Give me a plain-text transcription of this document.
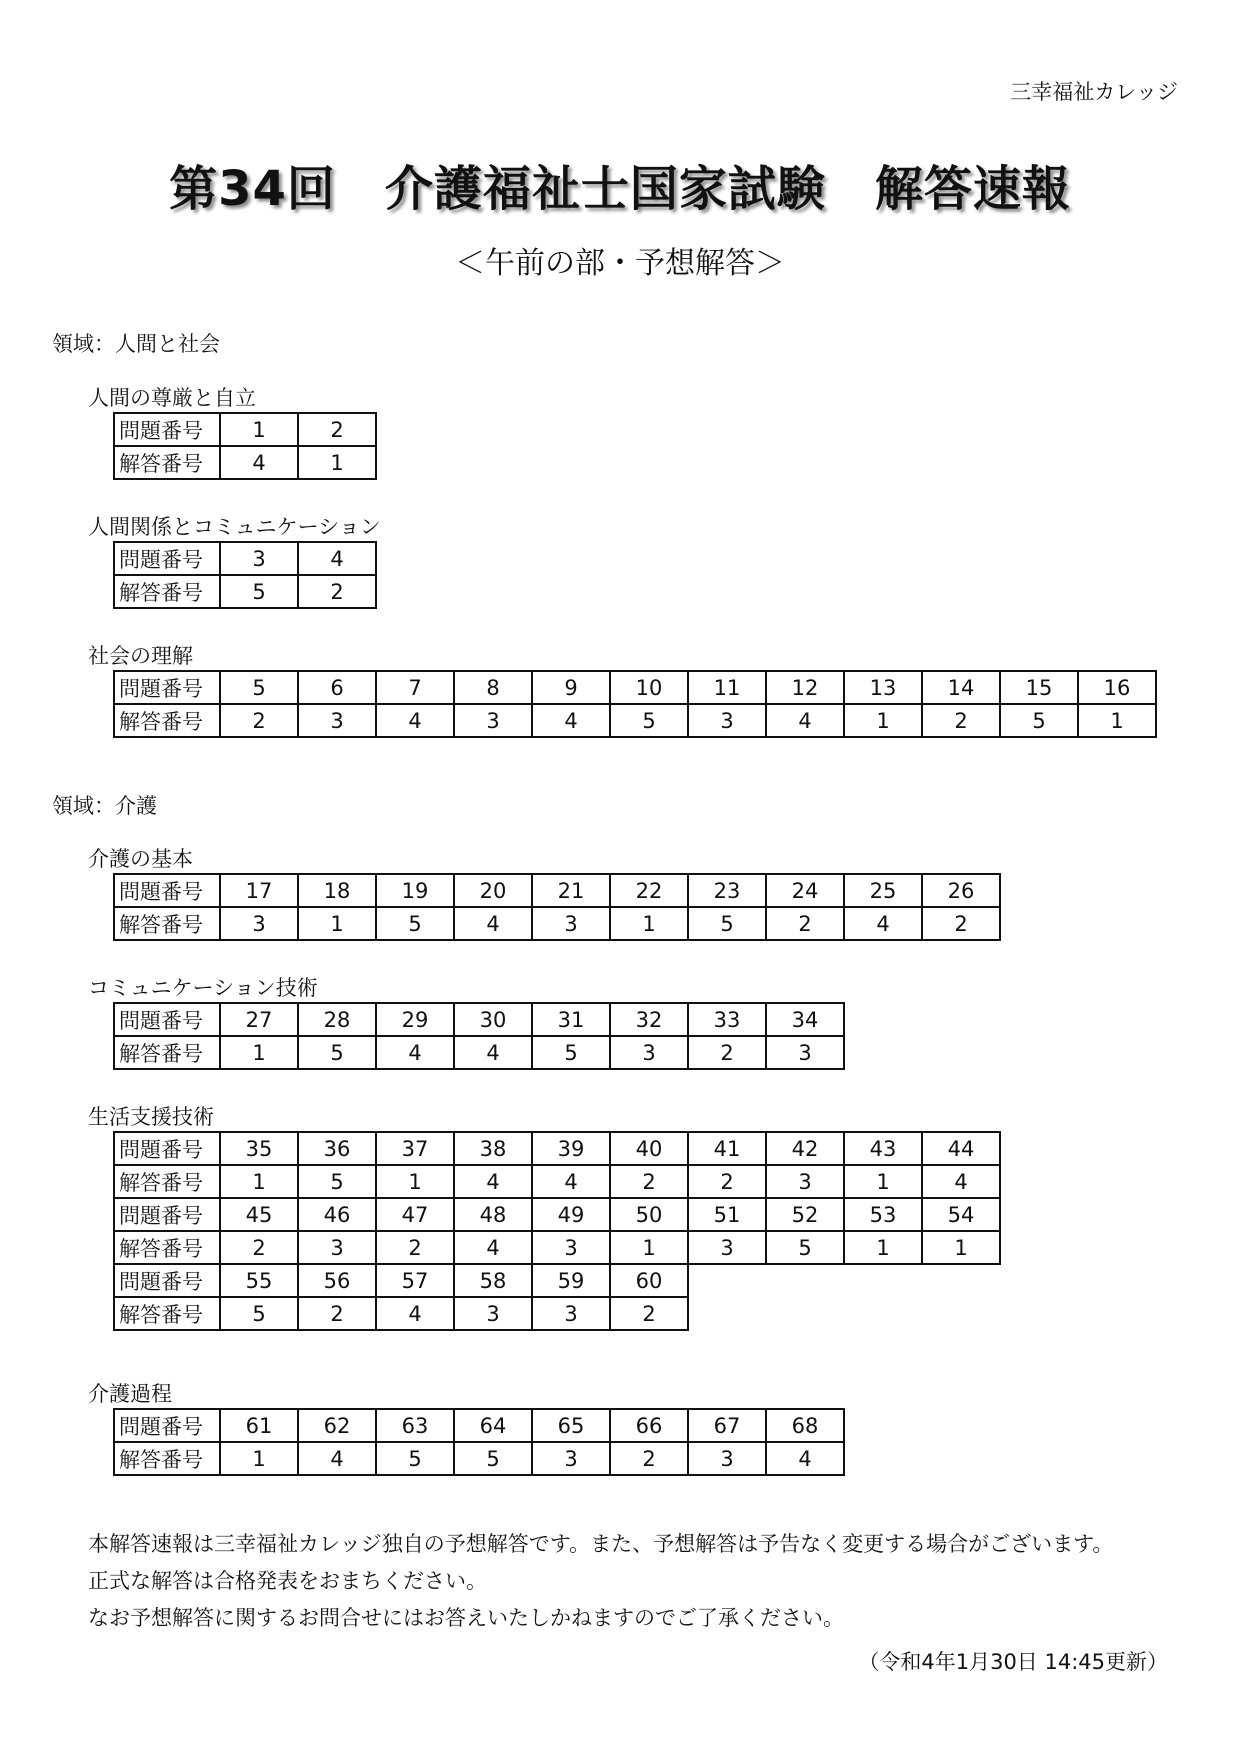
三幸福祉カレッジ
第34回　介護福祉士国家試験　解答速報
＜午前の部・予想解答＞
領域：人間と社会
人間の尊厳と自立
問題番号	1	2
解答番号	4	1
人間関係とコミュニケーション
問題番号	3	4
解答番号	5	2
社会の理解
問題番号	5	6	7	8	9	10	11	12	13	14	15	16
解答番号	2	3	4	3	4	5	3	4	1	2	5	1
領域：介護
介護の基本
問題番号	17	18	19	20	21	22	23	24	25	26
解答番号	3	1	5	4	3	1	5	2	4	2
コミュニケーション技術
問題番号	27	28	29	30	31	32	33	34
解答番号	1	5	4	4	5	3	2	3
生活支援技術
問題番号	35	36	37	38	39	40	41	42	43	44
解答番号	1	5	1	4	4	2	2	3	1	4
問題番号	45	46	47	48	49	50	51	52	53	54
解答番号	2	3	2	4	3	1	3	5	1	1
問題番号	55	56	57	58	59	60				
解答番号	5	2	4	3	3	2				
介護過程
問題番号	61	62	63	64	65	66	67	68
解答番号	1	4	5	5	3	2	3	4
本解答速報は三幸福祉カレッジ独自の予想解答です。また、予想解答は予告なく変更する場合がございます。
正式な解答は合格発表をおまちください。
なお予想解答に関するお問合せにはお答えいたしかねますのでご了承ください。
（令和4年1月30日 14:45更新）
